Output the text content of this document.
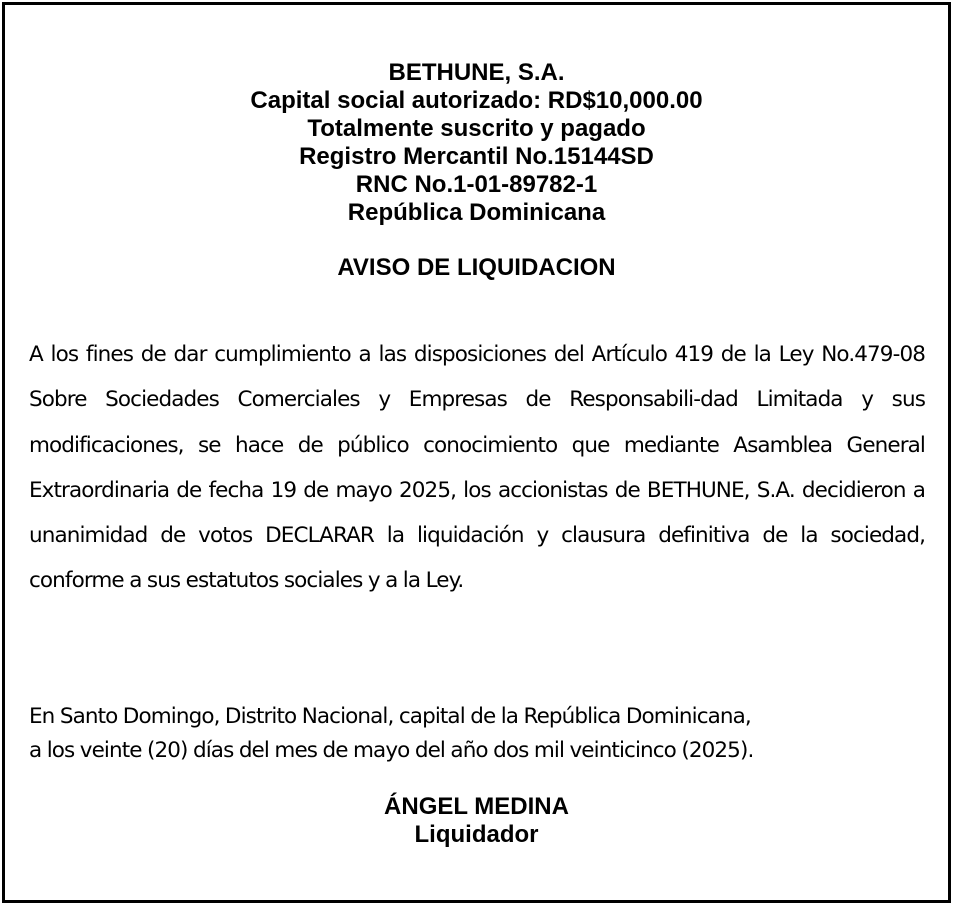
BETHUNE, S.A.
Capital social autorizado: RD$10,000.00
Totalmente suscrito y pagado
Registro Mercantil No.15144SD
RNC No.1-01-89782-1
República Dominicana
AVISO DE LIQUIDACION
A los fines de dar cumplimiento a las disposiciones del Artículo 419 de la Ley No.479-08 Sobre Sociedades Comerciales y Empresas de Responsabili-dad Limitada y sus modificaciones, se hace de público conocimiento que mediante Asamblea General Extraordinaria de fecha 19 de mayo 2025, los accionistas de BETHUNE, S.A. decidieron a unanimidad de votos DECLARAR la liquidación y clausura definitiva de la sociedad, conforme a sus estatutos sociales y a la Ley.
En Santo Domingo, Distrito Nacional, capital de la República Dominicana,
a los veinte (20) días del mes de mayo del año dos mil veinticinco (2025).
ÁNGEL MEDINA
Liquidador
